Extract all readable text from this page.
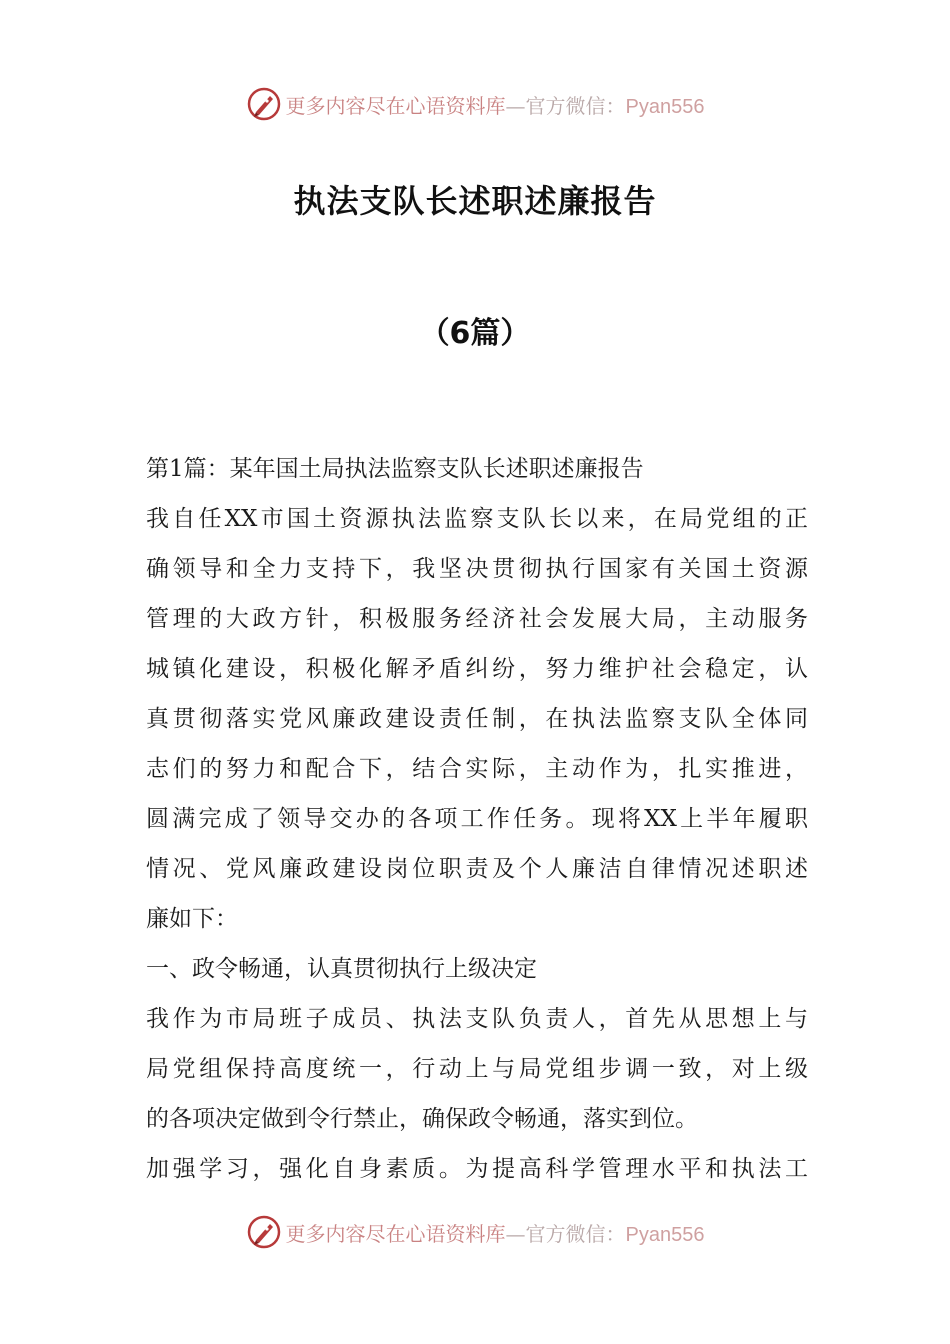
更多内容尽在心语资料库—官方微信：Pyan556
执法支队长述职述廉报告
（6篇）
第1篇：某年国土局执法监察支队长述职述廉报告
我自任XX市国土资源执法监察支队长以来，在局党组的正
确领导和全力支持下，我坚决贯彻执行国家有关国土资源
管理的大政方针，积极服务经济社会发展大局，主动服务
城镇化建设，积极化解矛盾纠纷，努力维护社会稳定，认
真贯彻落实党风廉政建设责任制，在执法监察支队全体同
志们的努力和配合下，结合实际，主动作为，扎实推进，
圆满完成了领导交办的各项工作任务。现将XX上半年履职
情况、党风廉政建设岗位职责及个人廉洁自律情况述职述
廉如下：
一、政令畅通，认真贯彻执行上级决定
我作为市局班子成员、执法支队负责人，首先从思想上与
局党组保持高度统一，行动上与局党组步调一致，对上级
的各项决定做到令行禁止，确保政令畅通，落实到位。
加强学习，强化自身素质。为提高科学管理水平和执法工
更多内容尽在心语资料库—官方微信：Pyan556
